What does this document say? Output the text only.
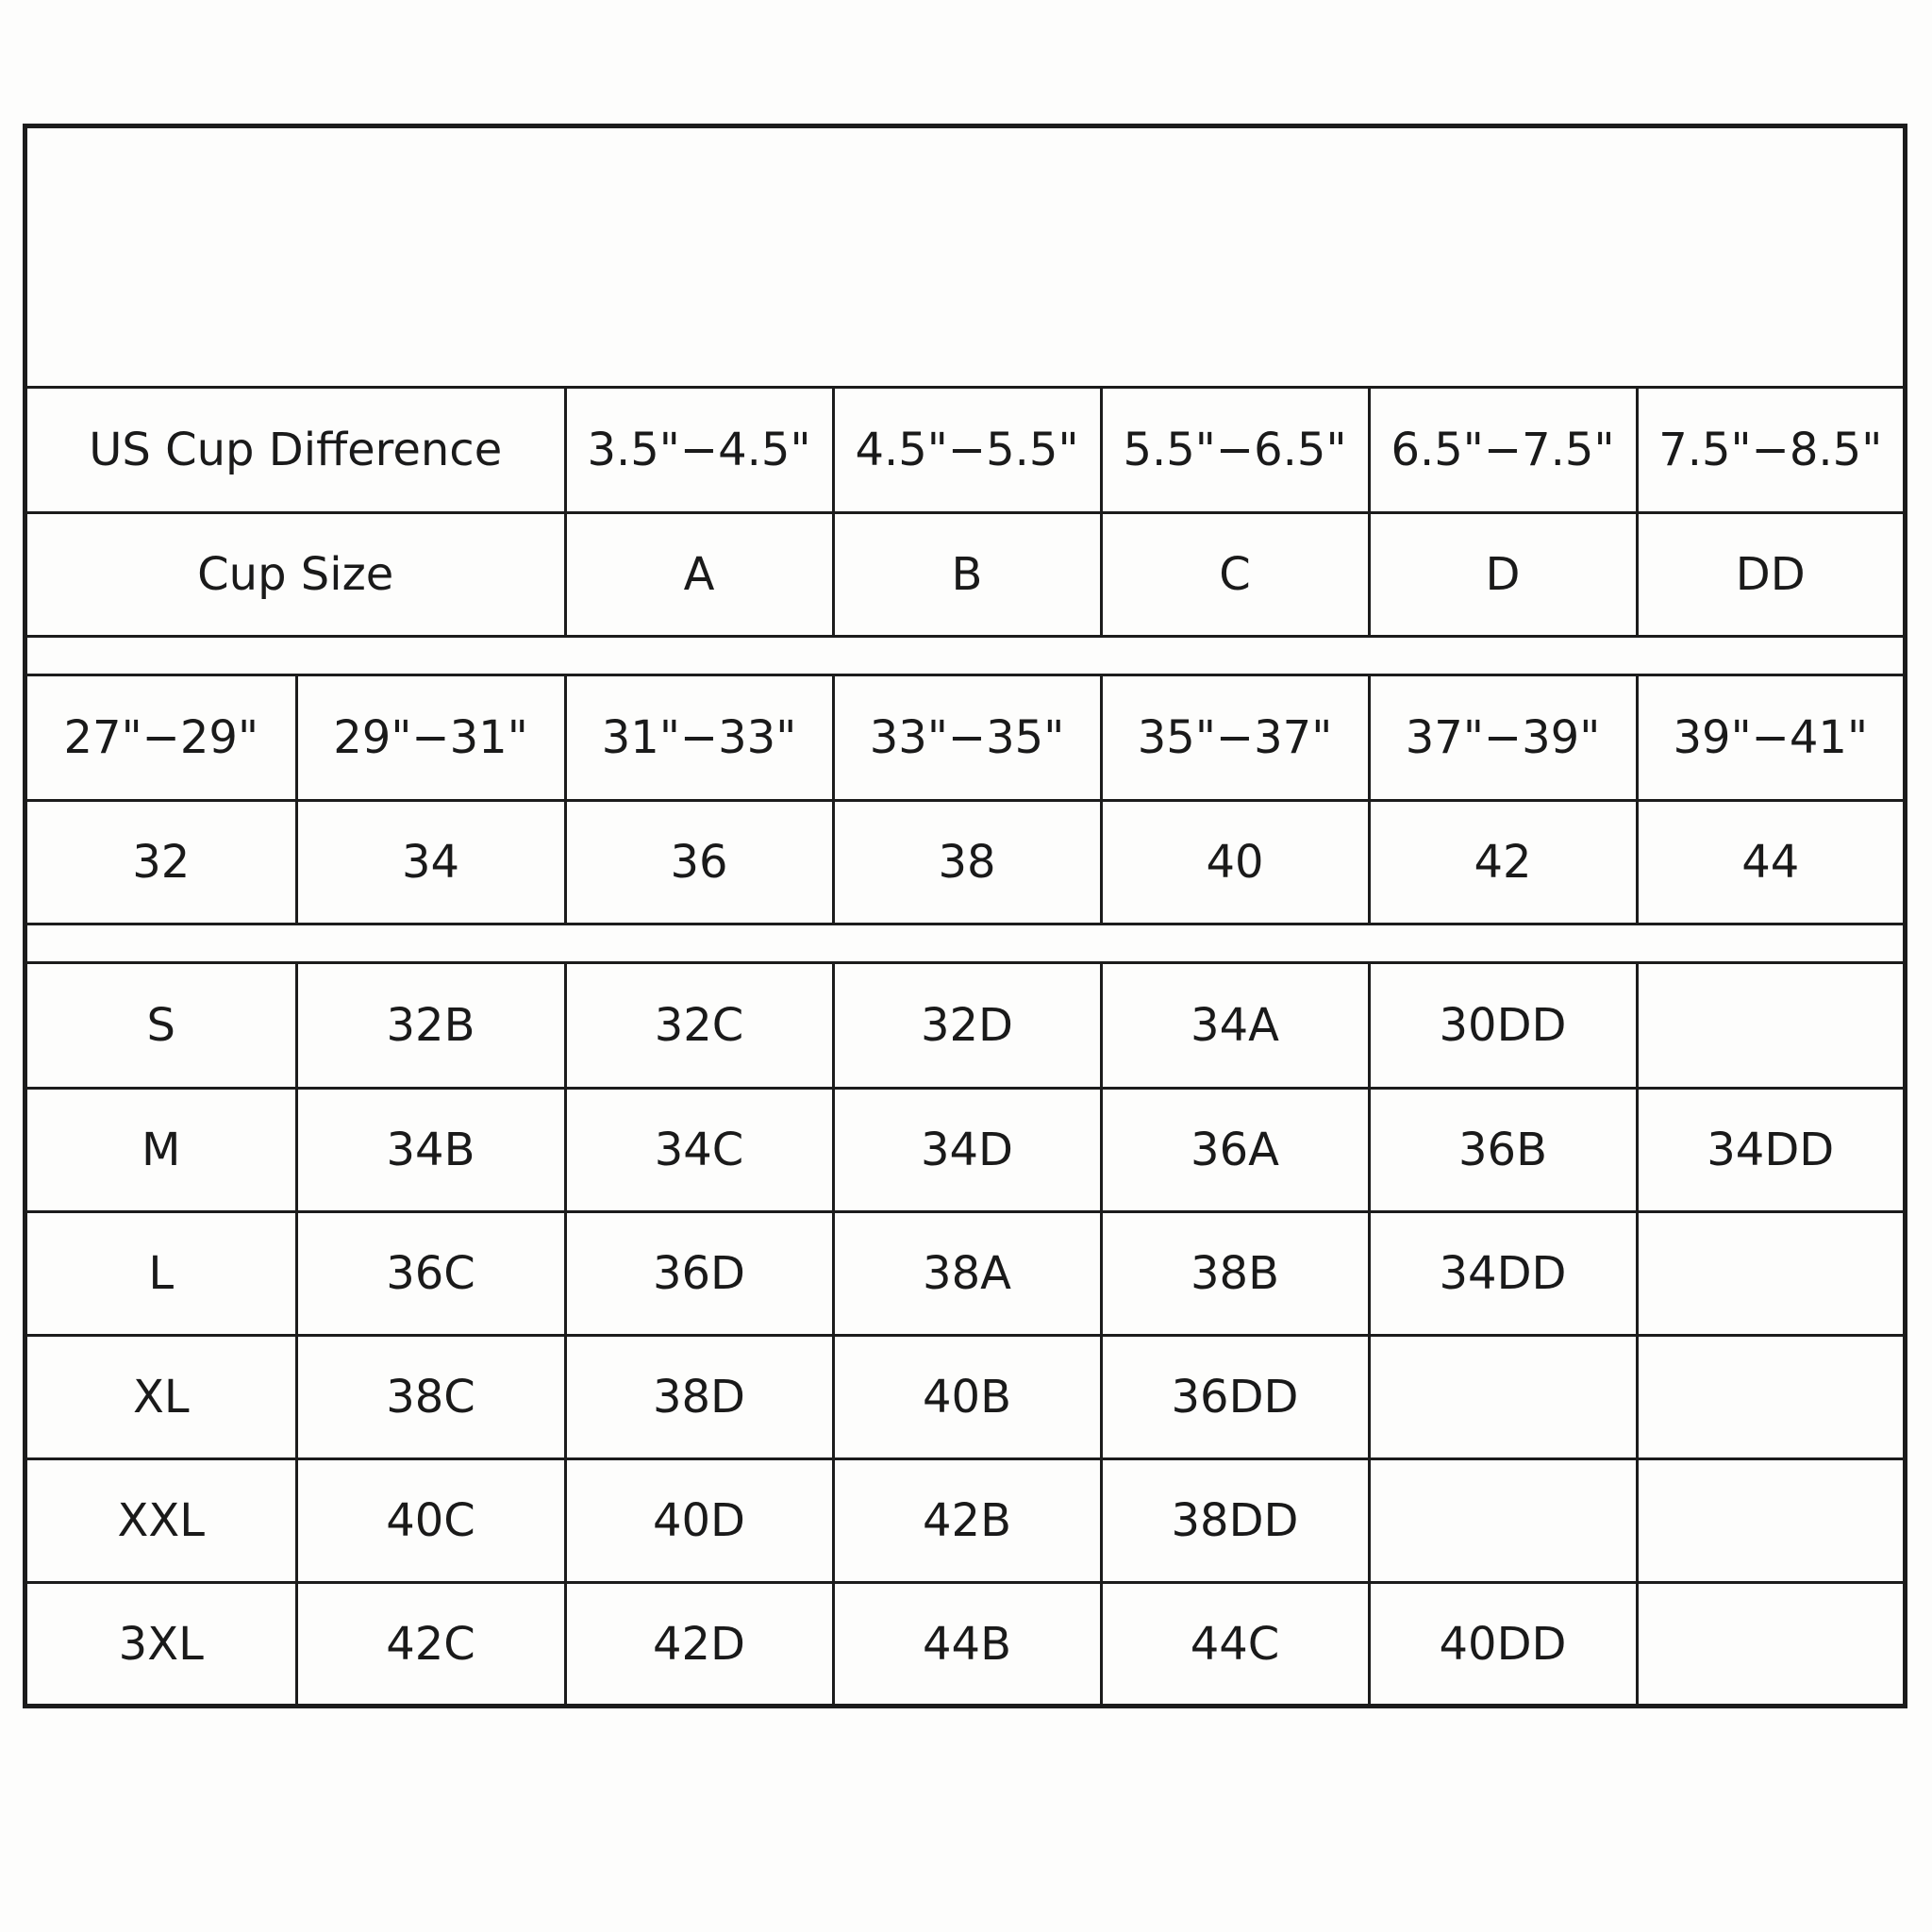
US Cup Difference	3.5"−4.5"	4.5"−5.5"	5.5"−6.5"	6.5"−7.5"	7.5"−8.5"
Cup Size	A	B	C	D	DD
27"−29"	29"−31"	31"−33"	33"−35"	35"−37"	37"−39"	39"−41"
32	34	36	38	40	42	44
S	32B	32C	32D	34A	30DD	
M	34B	34C	34D	36A	36B	34DD
L	36C	36D	38A	38B	34DD	
XL	38C	38D	40B	36DD		
XXL	40C	40D	42B	38DD		
3XL	42C	42D	44B	44C	40DD	
